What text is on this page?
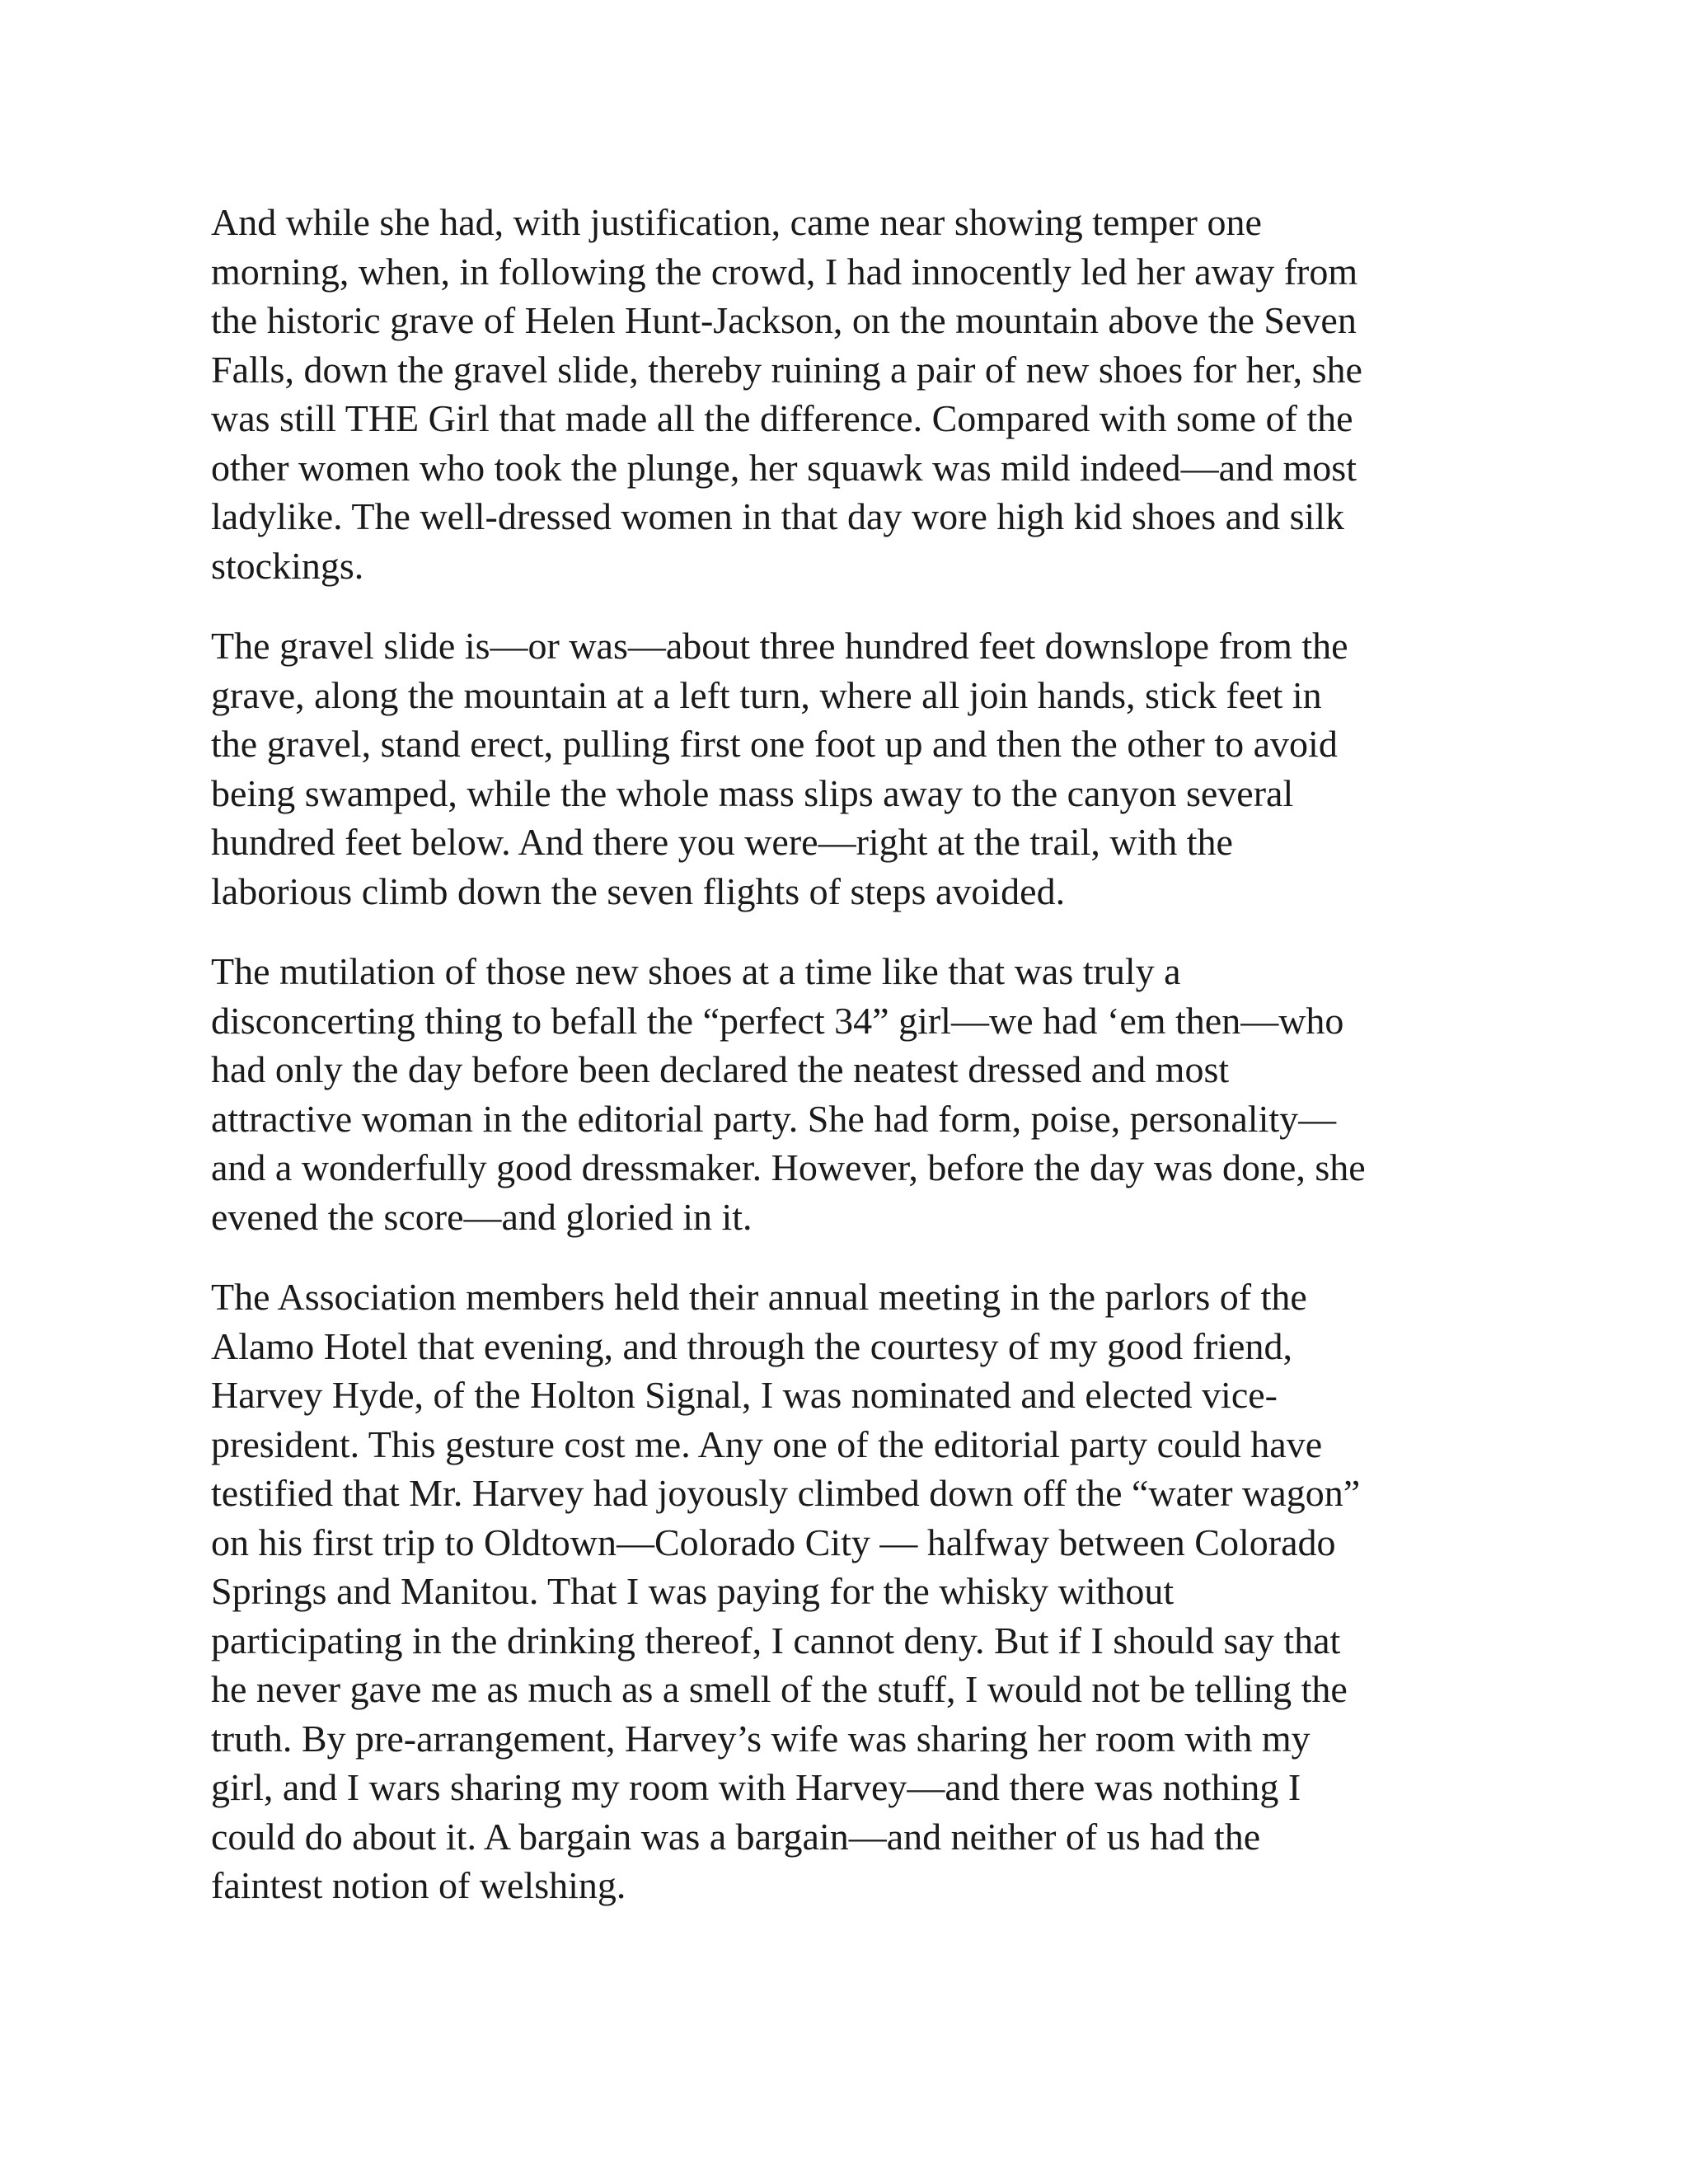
And while she had, with justification, came near showing temper one
morning, when, in following the crowd, I had innocently led her away from
the historic grave of Helen Hunt-Jackson, on the mountain above the Seven
Falls, down the gravel slide, thereby ruining a pair of new shoes for her, she
was still THE Girl that made all the difference. Compared with some of the
other women who took the plunge, her squawk was mild indeed—and most
ladylike. The well-dressed women in that day wore high kid shoes and silk
stockings.

The gravel slide is—or was—about three hundred feet downslope from the
grave, along the mountain at a left turn, where all join hands, stick feet in
the gravel, stand erect, pulling first one foot up and then the other to avoid
being swamped, while the whole mass slips away to the canyon several
hundred feet below. And there you were—right at the trail, with the
laborious climb down the seven flights of steps avoided.

The mutilation of those new shoes at a time like that was truly a
disconcerting thing to befall the “perfect 34” girl—we had ‘em then—who
had only the day before been declared the neatest dressed and most
attractive woman in the editorial party. She had form, poise, personality—
and a wonderfully good dressmaker. However, before the day was done, she
evened the score—and gloried in it.

The Association members held their annual meeting in the parlors of the
Alamo Hotel that evening, and through the courtesy of my good friend,
Harvey Hyde, of the Holton Signal, I was nominated and elected vice-
president. This gesture cost me. Any one of the editorial party could have
testified that Mr. Harvey had joyously climbed down off the “water wagon”
on his first trip to Oldtown—Colorado City — halfway between Colorado
Springs and Manitou. That I was paying for the whisky without
participating in the drinking thereof, I cannot deny. But if I should say that
he never gave me as much as a smell of the stuff, I would not be telling the
truth. By pre-arrangement, Harvey’s wife was sharing her room with my
girl, and I wars sharing my room with Harvey—and there was nothing I
could do about it. A bargain was a bargain—and neither of us had the
faintest notion of welshing.
